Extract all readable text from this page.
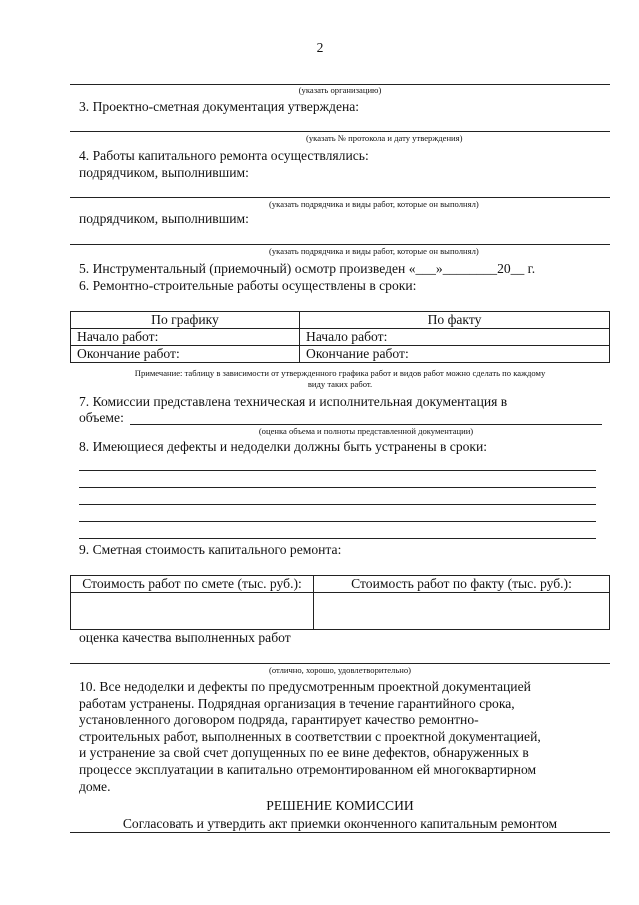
2
(указать организацию)
3. Проектно-сметная документация утверждена:
(указать № протокола и дату утверждения)
4. Работы капитального ремонта осуществлялись:
подрядчиком, выполнившим:
(указать подрядчика и виды работ, которые он выполнял)
подрядчиком, выполнившим:
(указать подрядчика и виды работ, которые он выполнял)
5. Инструментальный (приемочный) осмотр произведен «___»________20__ г.
6. Ремонтно-строительные работы осуществлены в сроки:
По графику	По факту
Начало работ:	Начало работ:
Окончание работ:	Окончание работ:
Примечание: таблицу в зависимости от утвержденного графика работ и видов работ можно сделать по каждому
виду таких работ.
7. Комиссии представлена техническая и исполнительная документация в
объеме:
(оценка объема и полноты представленной документации)
8. Имеющиеся дефекты и недоделки должны быть устранены в сроки:
9. Сметная стоимость капитального ремонта:
Стоимость работ по смете (тыс. руб.):	Стоимость работ по факту (тыс. руб.):

оценка качества выполненных работ
(отлично, хорошо, удовлетворительно)
10. Все недоделки и дефекты по предусмотренным проектной документацией
работам устранены. Подрядная организация в течение гарантийного срока,
установленного договором подряда, гарантирует качество ремонтно-
строительных работ, выполненных в соответствии с проектной документацией,
и устранение за свой счет допущенных по ее вине дефектов, обнаруженных в
процессе эксплуатации в капитально отремонтированном ей многоквартирном
доме.
РЕШЕНИЕ КОМИССИИ
Согласовать и утвердить акт приемки оконченного капитальным ремонтом
